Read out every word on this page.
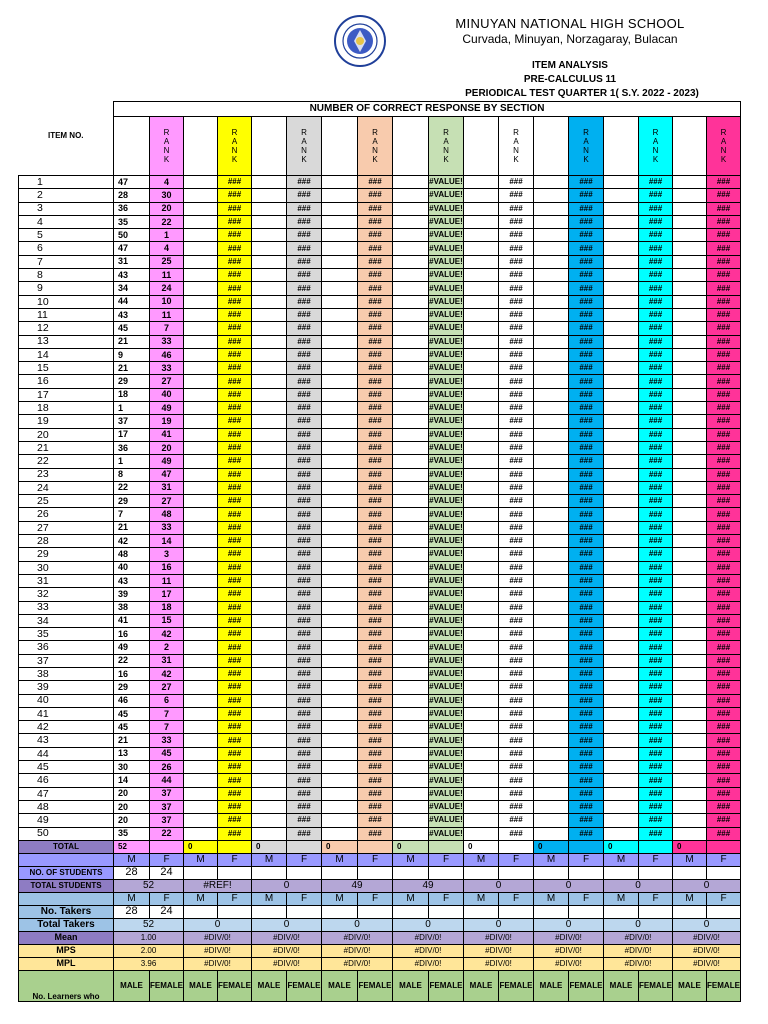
MINUYAN NATIONAL HIGH SCHOOL
Curvada, Minuyan, Norzagaray, Bulacan
ITEM ANALYSIS
PRE-CALCULUS 11
PERIODICAL TEST QUARTER 1( S.Y. 2022 - 2023)
ITEM NO.	NUMBER OF CORRECT RESPONSE BY SECTION																	

		R
A
N
K		R
A
N
K		R
A
N
K		R
A
N
K		R
A
N
K		R
A
N
K		R
A
N
K		R
A
N
K		R
A
N
K

1	47	4		###		###		###		#VALUE!		###		###		###		###
2	28	30		###		###		###		#VALUE!		###		###		###		###
3	36	20		###		###		###		#VALUE!		###		###		###		###
4	35	22		###		###		###		#VALUE!		###		###		###		###
5	50	1		###		###		###		#VALUE!		###		###		###		###
6	47	4		###		###		###		#VALUE!		###		###		###		###
7	31	25		###		###		###		#VALUE!		###		###		###		###
8	43	11		###		###		###		#VALUE!		###		###		###		###
9	34	24		###		###		###		#VALUE!		###		###		###		###
10	44	10		###		###		###		#VALUE!		###		###		###		###
11	43	11		###		###		###		#VALUE!		###		###		###		###
12	45	7		###		###		###		#VALUE!		###		###		###		###
13	21	33		###		###		###		#VALUE!		###		###		###		###
14	9	46		###		###		###		#VALUE!		###		###		###		###
15	21	33		###		###		###		#VALUE!		###		###		###		###
16	29	27		###		###		###		#VALUE!		###		###		###		###
17	18	40		###		###		###		#VALUE!		###		###		###		###
18	1	49		###		###		###		#VALUE!		###		###		###		###
19	37	19		###		###		###		#VALUE!		###		###		###		###
20	17	41		###		###		###		#VALUE!		###		###		###		###
21	36	20		###		###		###		#VALUE!		###		###		###		###
22	1	49		###		###		###		#VALUE!		###		###		###		###
23	8	47		###		###		###		#VALUE!		###		###		###		###
24	22	31		###		###		###		#VALUE!		###		###		###		###
25	29	27		###		###		###		#VALUE!		###		###		###		###
26	7	48		###		###		###		#VALUE!		###		###		###		###
27	21	33		###		###		###		#VALUE!		###		###		###		###
28	42	14		###		###		###		#VALUE!		###		###		###		###
29	48	3		###		###		###		#VALUE!		###		###		###		###
30	40	16		###		###		###		#VALUE!		###		###		###		###
31	43	11		###		###		###		#VALUE!		###		###		###		###
32	39	17		###		###		###		#VALUE!		###		###		###		###
33	38	18		###		###		###		#VALUE!		###		###		###		###
34	41	15		###		###		###		#VALUE!		###		###		###		###
35	16	42		###		###		###		#VALUE!		###		###		###		###
36	49	2		###		###		###		#VALUE!		###		###		###		###
37	22	31		###		###		###		#VALUE!		###		###		###		###
38	16	42		###		###		###		#VALUE!		###		###		###		###
39	29	27		###		###		###		#VALUE!		###		###		###		###
40	46	6		###		###		###		#VALUE!		###		###		###		###
41	45	7		###		###		###		#VALUE!		###		###		###		###
42	45	7		###		###		###		#VALUE!		###		###		###		###
43	21	33		###		###		###		#VALUE!		###		###		###		###
44	13	45		###		###		###		#VALUE!		###		###		###		###
45	30	26		###		###		###		#VALUE!		###		###		###		###
46	14	44		###		###		###		#VALUE!		###		###		###		###
47	20	37		###		###		###		#VALUE!		###		###		###		###
48	20	37		###		###		###		#VALUE!		###		###		###		###
49	20	37		###		###		###		#VALUE!		###		###		###		###
50	35	22		###		###		###		#VALUE!		###		###		###		###
TOTAL	52		0		0		0		0		0		0		0		0	
	M	F	M	F	M	F	M	F	M	F	M	F	M	F	M	F	M	F
NO. OF STUDENTS	28	24																
TOTAL STUDENTS	52		#REF!		0		49		49		0		0		0		0	
	M	F	M	F	M	F	M	F	M	F	M	F	M	F	M	F	M	F
No. Takers	28	24																
Total Takers	52		0		0		0		0		0		0		0		0	
Mean	1.00		#DIV/0!		#DIV/0!		#DIV/0!		#DIV/0!		#DIV/0!		#DIV/0!		#DIV/0!		#DIV/0!	
MPS	2.00		#DIV/0!		#DIV/0!		#DIV/0!		#DIV/0!		#DIV/0!		#DIV/0!		#DIV/0!		#DIV/0!	
MPL	3.96		#DIV/0!		#DIV/0!		#DIV/0!		#DIV/0!		#DIV/0!		#DIV/0!		#DIV/0!		#DIV/0!	
No. Learners who	MALE	FEMALE	MALE	FEMALE	MALE	FEMALE	MALE	FEMALE	MALE	FEMALE	MALE	FEMALE	MALE	FEMALE	MALE	FEMALE	MALE	FEMALE
